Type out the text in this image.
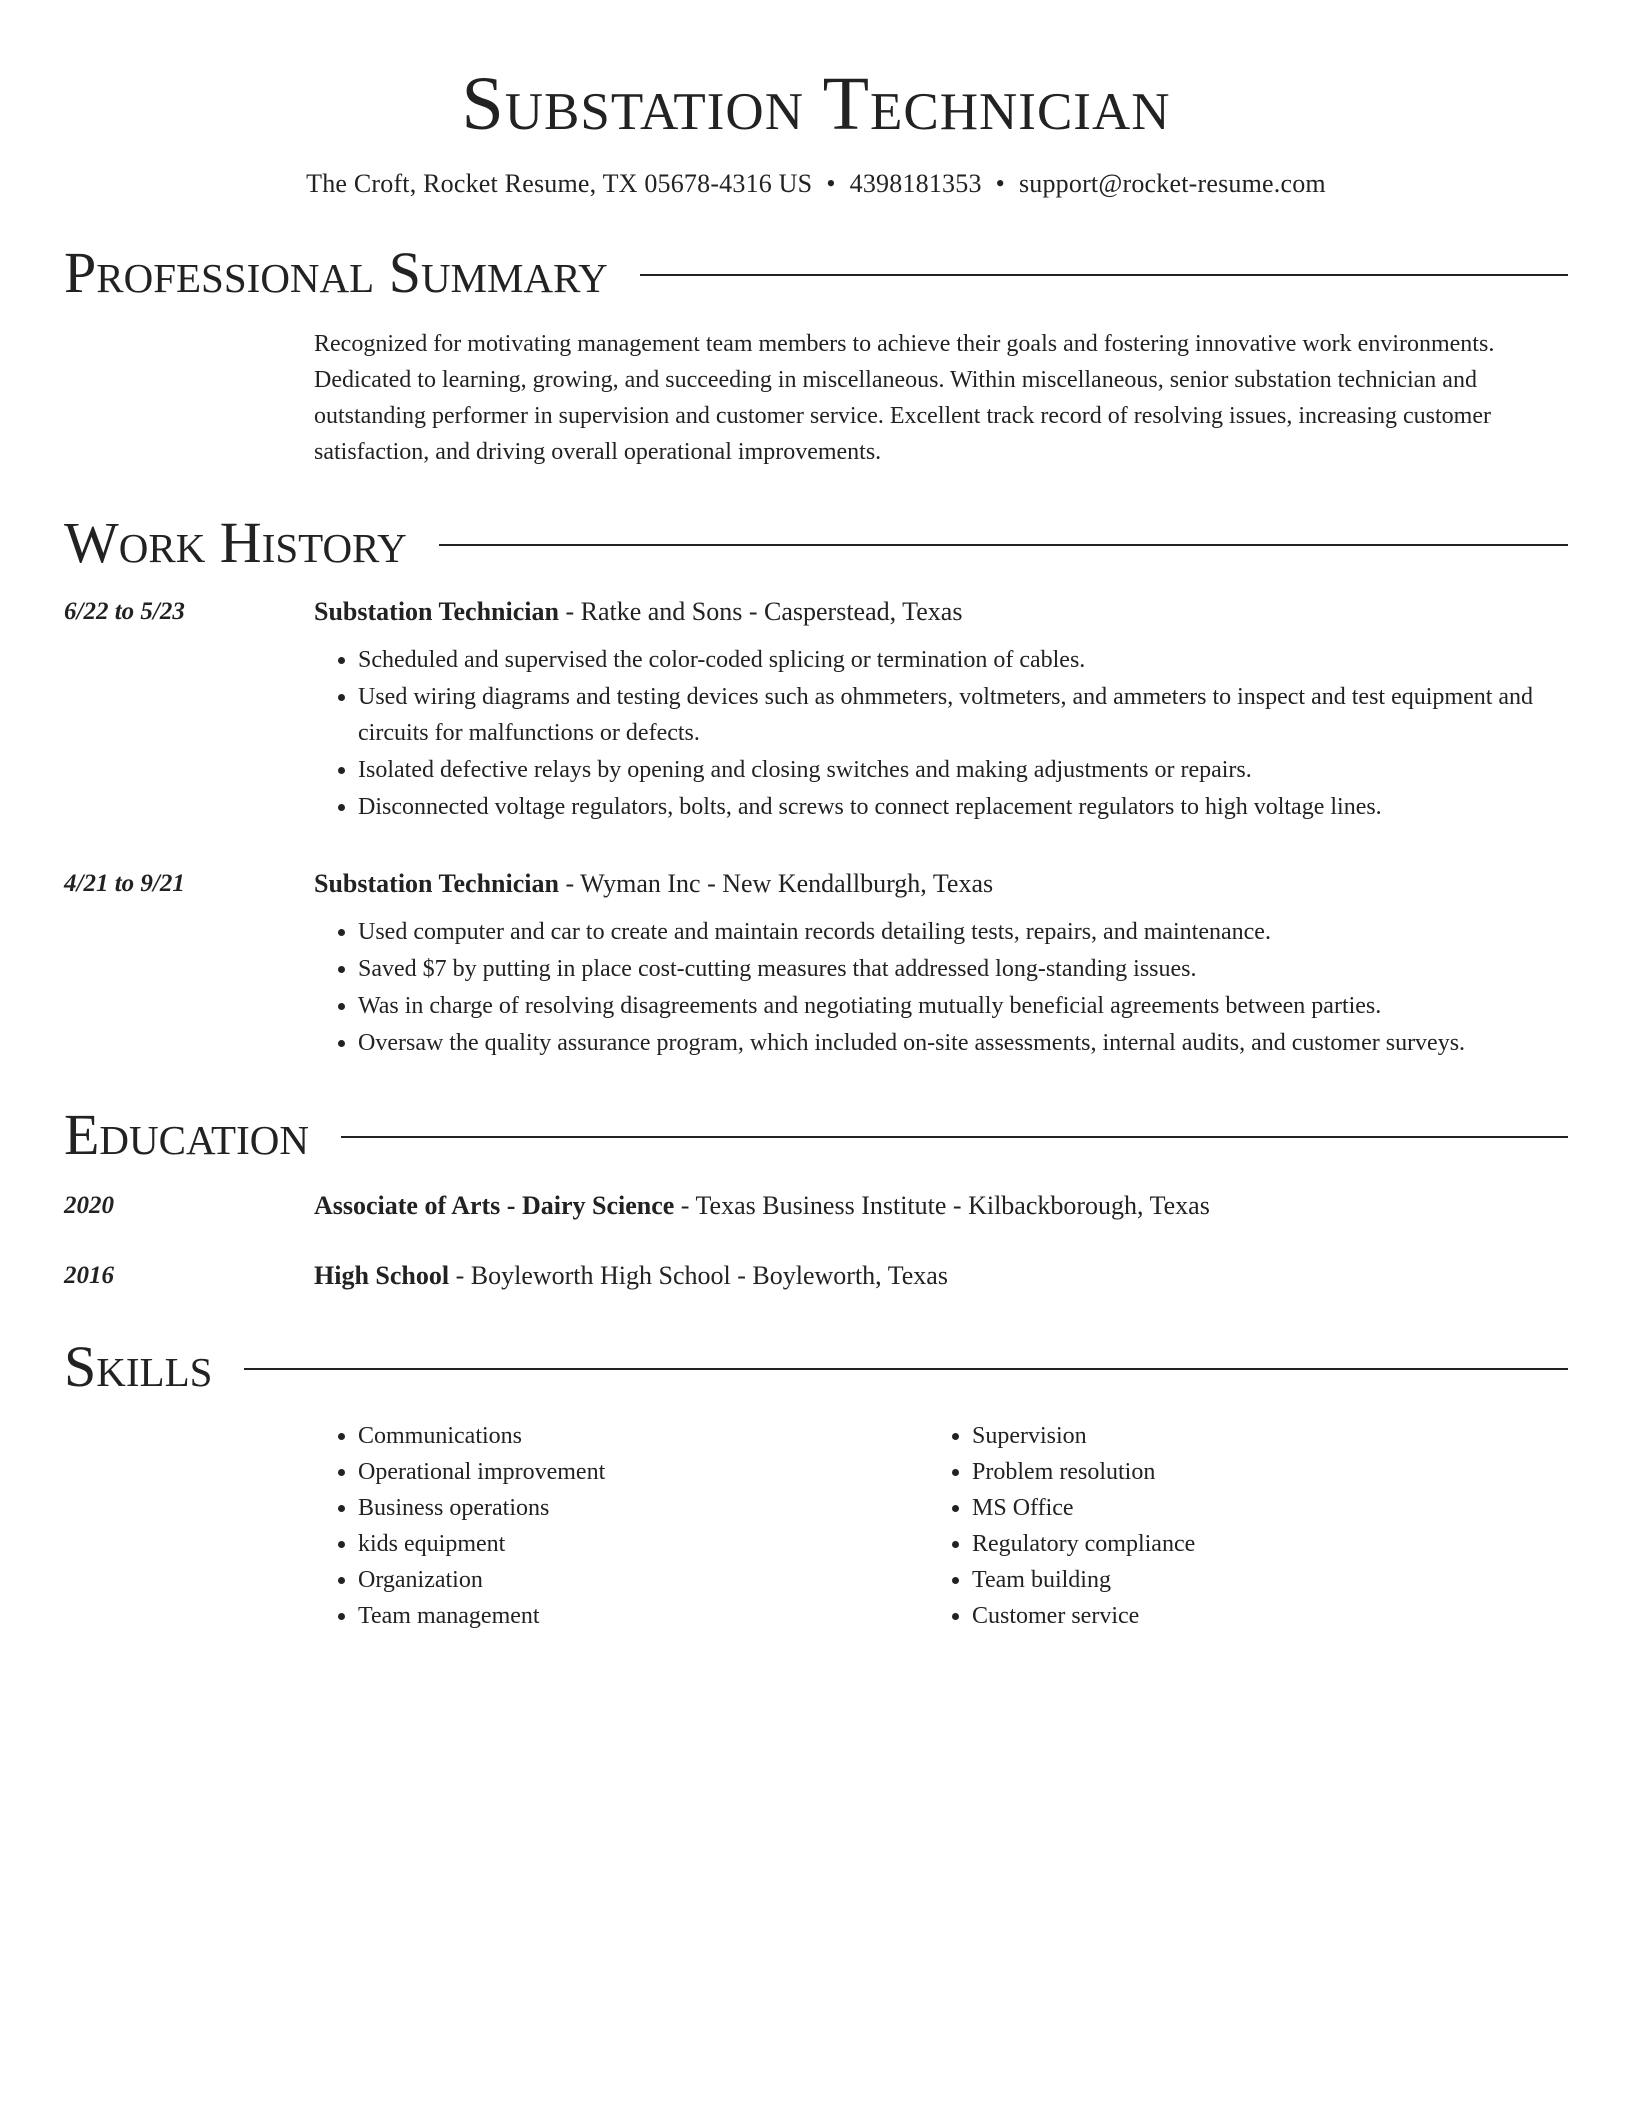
Substation Technician
The Croft, Rocket Resume, TX 05678-4316 US • 4398181353 • support@rocket-resume.com
Professional Summary
Recognized for motivating management team members to achieve their goals and fostering innovative work environments. Dedicated to learning, growing, and succeeding in miscellaneous. Within miscellaneous, senior substation technician and outstanding performer in supervision and customer service. Excellent track record of resolving issues, increasing customer satisfaction, and driving overall operational improvements.
Work History
6/22 to 5/23	Substation Technician - Ratke and Sons - Casperstead, Texas
• Scheduled and supervised the color-coded splicing or termination of cables.
• Used wiring diagrams and testing devices such as ohmmeters, voltmeters, and ammeters to inspect and test equipment and circuits for malfunctions or defects.
• Isolated defective relays by opening and closing switches and making adjustments or repairs.
• Disconnected voltage regulators, bolts, and screws to connect replacement regulators to high voltage lines.
4/21 to 9/21	Substation Technician - Wyman Inc - New Kendallburgh, Texas
• Used computer and car to create and maintain records detailing tests, repairs, and maintenance.
• Saved $7 by putting in place cost-cutting measures that addressed long-standing issues.
• Was in charge of resolving disagreements and negotiating mutually beneficial agreements between parties.
• Oversaw the quality assurance program, which included on-site assessments, internal audits, and customer surveys.
Education
2020	Associate of Arts - Dairy Science - Texas Business Institute - Kilbackborough, Texas
2016	High School - Boyleworth High School - Boyleworth, Texas
Skills
• Communications
• Operational improvement
• Business operations
• kids equipment
• Organization
• Team management
• Supervision
• Problem resolution
• MS Office
• Regulatory compliance
• Team building
• Customer service
